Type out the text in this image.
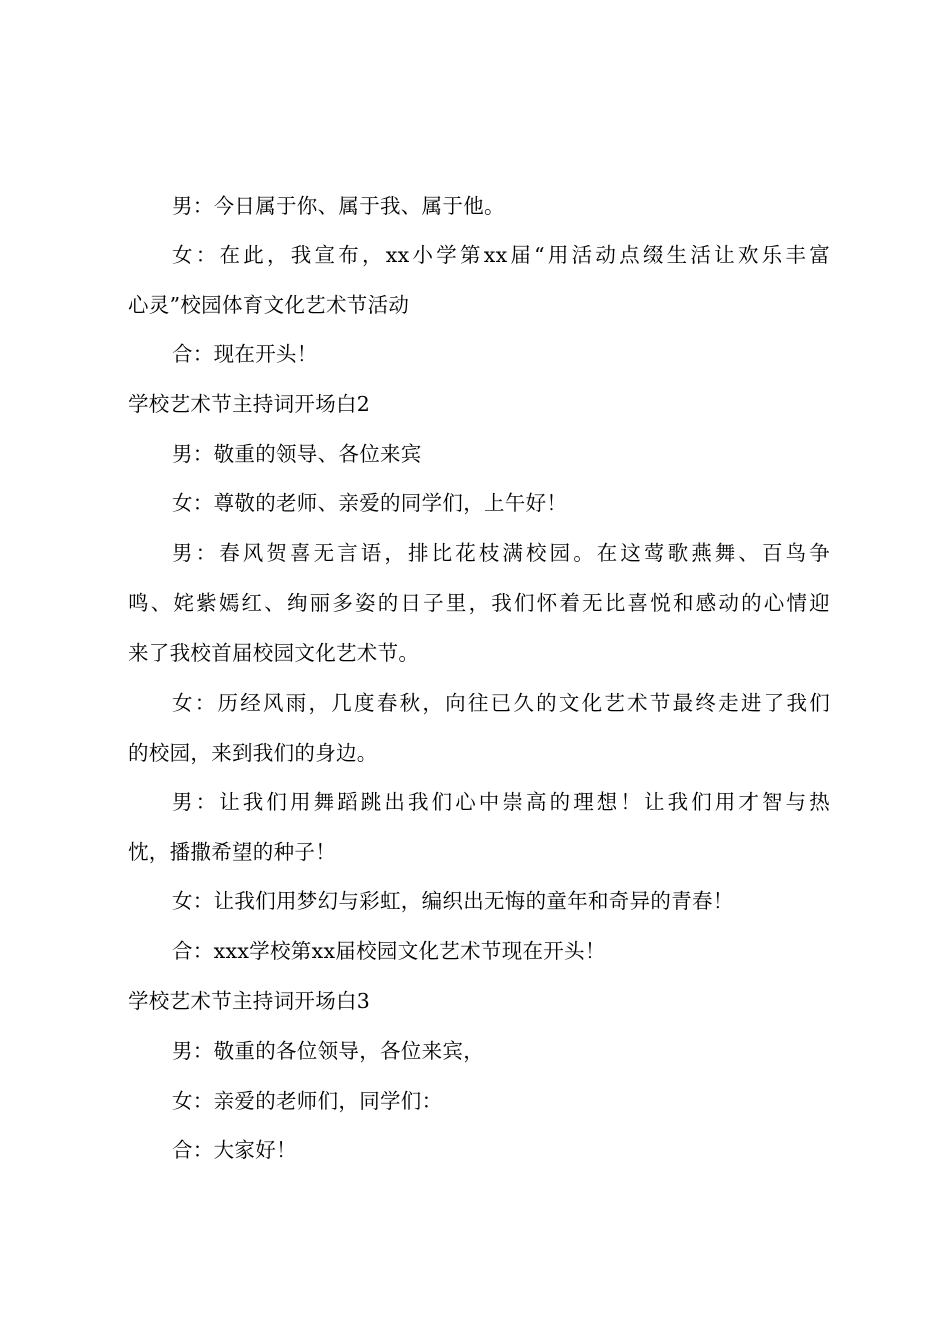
男：今日属于你、属于我、属于他。
女：在此，我宣布，xx小学第xx届“用活动点缀生活让欢乐丰富
心灵”校园体育文化艺术节活动
合：现在开头！
学校艺术节主持词开场白2
男：敬重的领导、各位来宾
女：尊敬的老师、亲爱的同学们，上午好！
男：春风贺喜无言语，排比花枝满校园。在这莺歌燕舞、百鸟争
鸣、姹紫嫣红、绚丽多姿的日子里，我们怀着无比喜悦和感动的心情迎
来了我校首届校园文化艺术节。
女：历经风雨，几度春秋，向往已久的文化艺术节最终走进了我们
的校园，来到我们的身边。
男：让我们用舞蹈跳出我们心中崇高的理想！让我们用才智与热
忱，播撒希望的种子！
女：让我们用梦幻与彩虹，编织出无悔的童年和奇异的青春！
合：xxx学校第xx届校园文化艺术节现在开头！
学校艺术节主持词开场白3
男：敬重的各位领导，各位来宾，
女：亲爱的老师们，同学们：
合：大家好！
